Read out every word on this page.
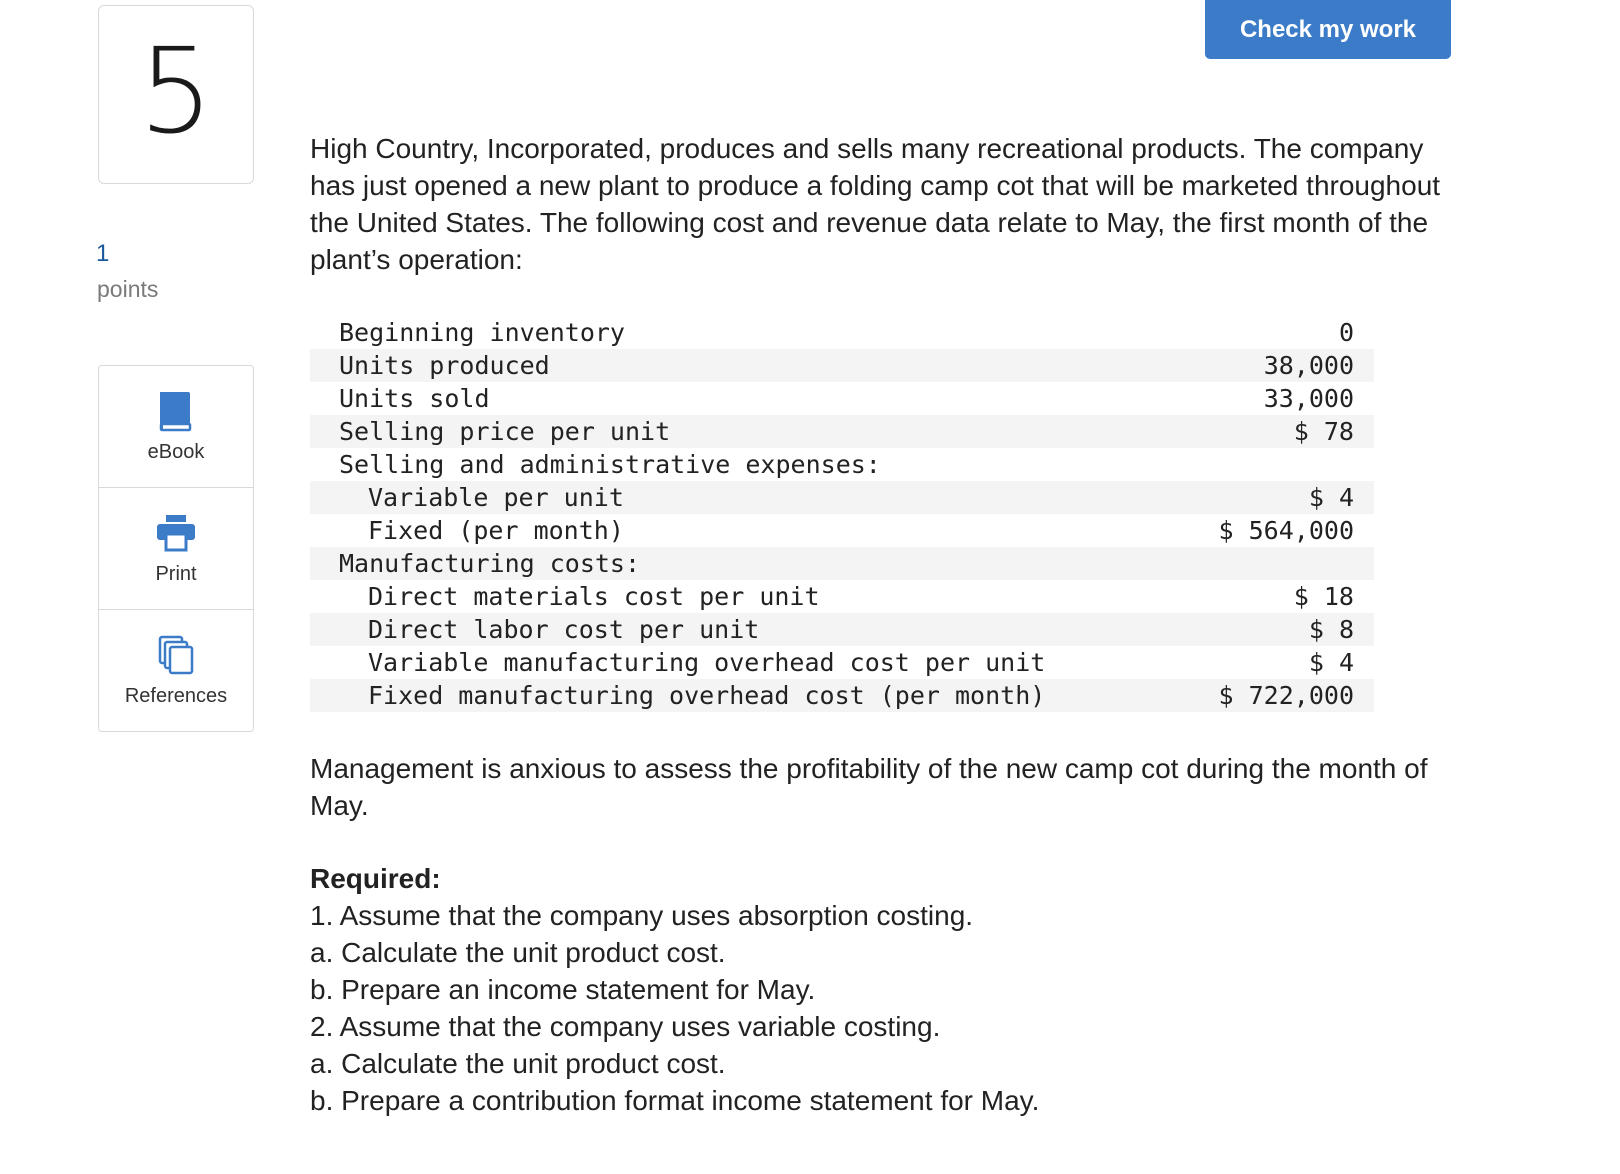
5
1
points
eBook
Print
References
Check my work

High Country, Incorporated, produces and sells many recreational products. The company has just opened a new plant to produce a folding camp cot that will be marketed throughout the United States. The following cost and revenue data relate to May, the first month of the plant’s operation:

Beginning inventory	0
Units produced	38,000
Units sold	33,000
Selling price per unit	$ 78
Selling and administrative expenses:	
Variable per unit	$ 4
Fixed (per month)	$ 564,000
Manufacturing costs:	
Direct materials cost per unit	$ 18
Direct labor cost per unit	$ 8
Variable manufacturing overhead cost per unit	$ 4
Fixed manufacturing overhead cost (per month)	$ 722,000

Management is anxious to assess the profitability of the new camp cot during the month of May.

Required:

1. Assume that the company uses absorption costing.

a. Calculate the unit product cost.

b. Prepare an income statement for May.

2. Assume that the company uses variable costing.

a. Calculate the unit product cost.

b. Prepare a contribution format income statement for May.
